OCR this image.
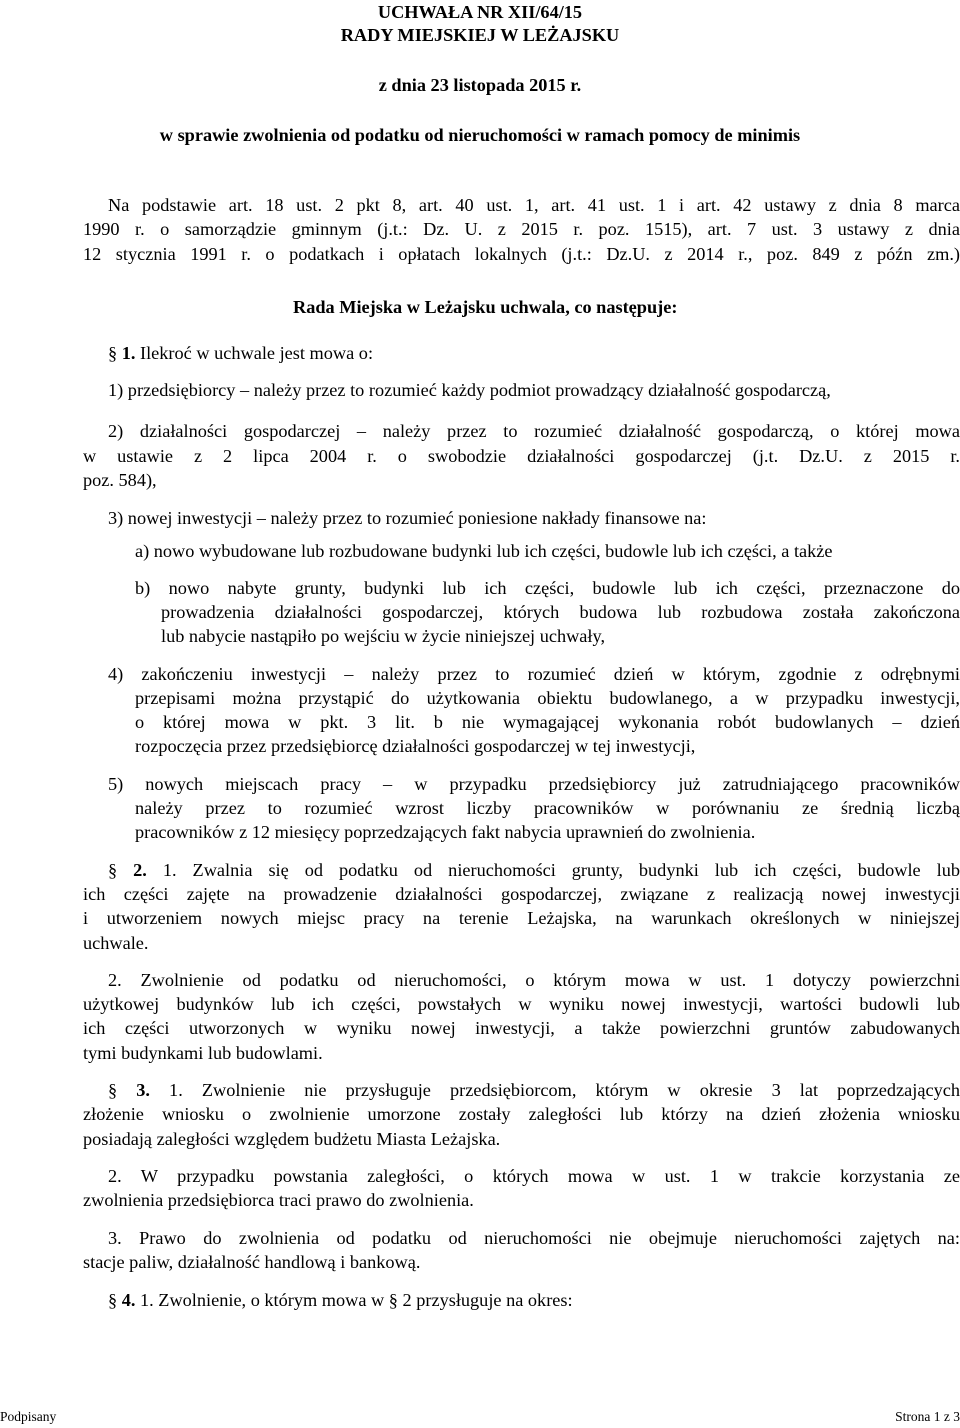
UCHWAŁA NR XII/64/15
RADY MIEJSKIEJ W LEŻAJSKU
z dnia 23 listopada 2015 r.
w sprawie zwolnienia od podatku od nieruchomości w ramach pomocy de minimis
Na podstawie art. 18 ust. 2 pkt 8, art. 40 ust. 1, art. 41 ust. 1 i art. 42 ustawy z dnia 8 marca
1990 r. o samorządzie gminnym (j.t.: Dz. U. z 2015 r. poz. 1515), art. 7 ust. 3 ustawy z dnia
12 stycznia 1991 r. o podatkach i opłatach lokalnych (j.t.: Dz.U. z 2014 r., poz. 849 z późn zm.)
Rada Miejska w Leżajsku uchwala, co następuje:
§ 1. Ilekroć w uchwale jest mowa o:
1) przedsiębiorcy – należy przez to rozumieć każdy podmiot prowadzący działalność gospodarczą,
2) działalności gospodarczej – należy przez to rozumieć działalność gospodarczą, o której mowa
w ustawie z 2 lipca 2004 r. o swobodzie działalności gospodarczej (j.t. Dz.U. z 2015 r.
poz. 584),
3) nowej inwestycji – należy przez to rozumieć poniesione nakłady finansowe na:
a) nowo wybudowane lub rozbudowane budynki lub ich części, budowle lub ich części, a także
b) nowo nabyte grunty, budynki lub ich części, budowle lub ich części, przeznaczone do
prowadzenia działalności gospodarczej, których budowa lub rozbudowa została zakończona
lub nabycie nastąpiło po wejściu w życie niniejszej uchwały,
4) zakończeniu inwestycji – należy przez to rozumieć dzień w którym, zgodnie z odrębnymi
przepisami można przystąpić do użytkowania obiektu budowlanego, a w przypadku inwestycji,
o której mowa w pkt. 3 lit. b nie wymagającej wykonania robót budowlanych – dzień
rozpoczęcia przez przedsiębiorcę działalności gospodarczej w tej inwestycji,
5) nowych miejscach pracy – w przypadku przedsiębiorcy już zatrudniającego pracowników
należy przez to rozumieć wzrost liczby pracowników w porównaniu ze średnią liczbą
pracowników z 12 miesięcy poprzedzających fakt nabycia uprawnień do zwolnienia.
§ 2. 1. Zwalnia się od podatku od nieruchomości grunty, budynki lub ich części, budowle lub
ich części zajęte na prowadzenie działalności gospodarczej, związane z realizacją nowej inwestycji
i utworzeniem nowych miejsc pracy na terenie Leżajska, na warunkach określonych w niniejszej
uchwale.
2. Zwolnienie od podatku od nieruchomości, o którym mowa w ust. 1 dotyczy powierzchni
użytkowej budynków lub ich części, powstałych w wyniku nowej inwestycji, wartości budowli lub
ich części utworzonych w wyniku nowej inwestycji, a także powierzchni gruntów zabudowanych
tymi budynkami lub budowlami.
§ 3. 1. Zwolnienie nie przysługuje przedsiębiorcom, którym w okresie 3 lat poprzedzających
złożenie wniosku o zwolnienie umorzone zostały zaległości lub którzy na dzień złożenia wniosku
posiadają zaległości względem budżetu Miasta Leżajska.
2. W przypadku powstania zaległości, o których mowa w ust. 1 w trakcie korzystania ze
zwolnienia przedsiębiorca traci prawo do zwolnienia.
3. Prawo do zwolnienia od podatku od nieruchomości nie obejmuje nieruchomości zajętych na:
stacje paliw, działalność handlową i bankową.
§ 4. 1. Zwolnienie, o którym mowa w § 2 przysługuje na okres:
Podpisany	Strona 1 z 3
